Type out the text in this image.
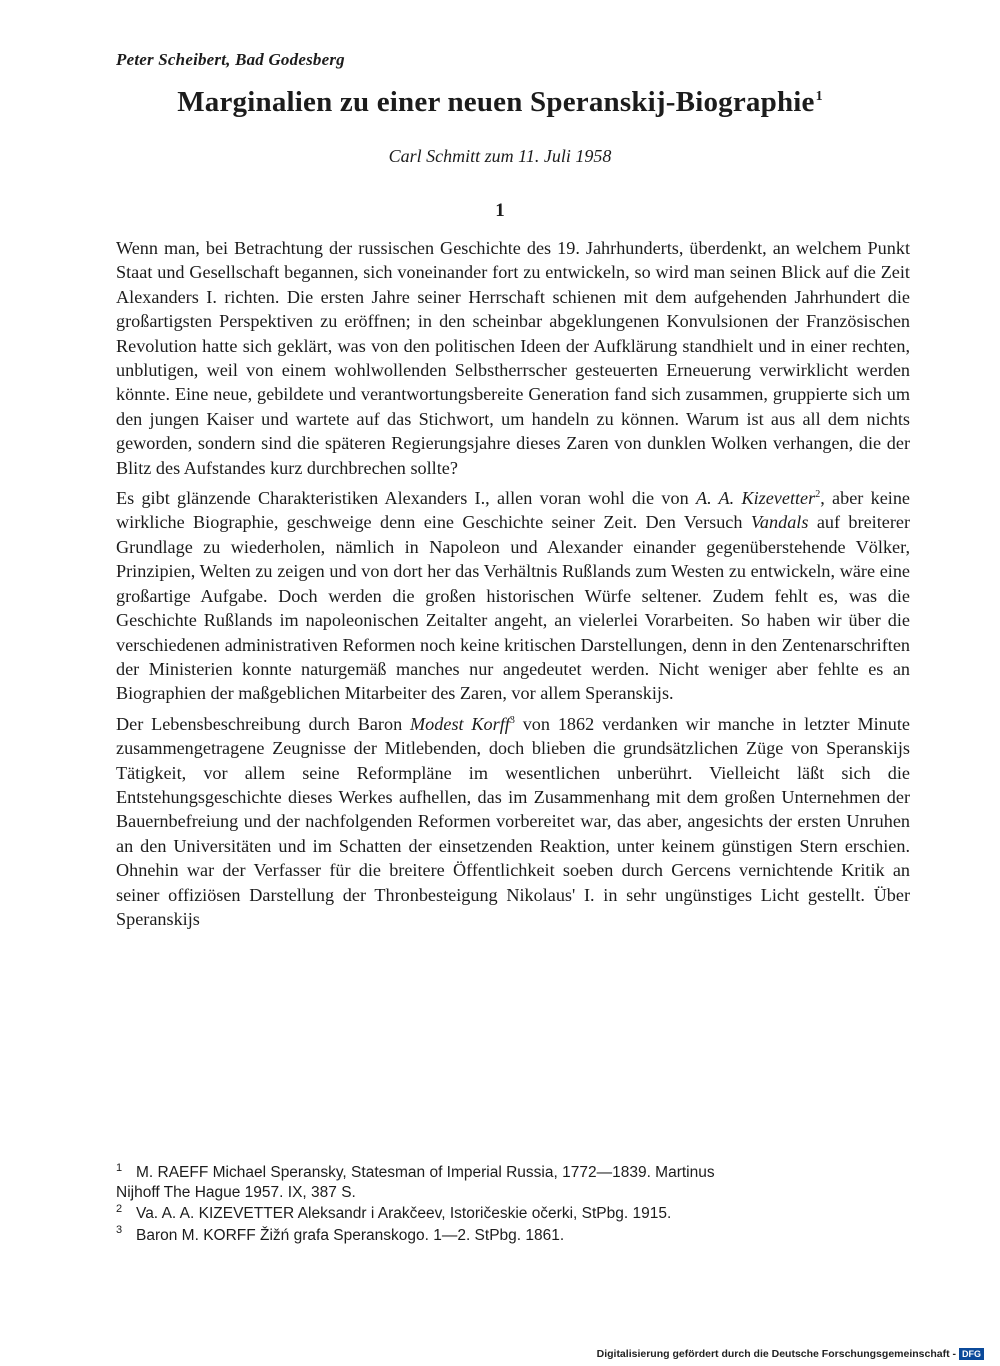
Peter Scheibert, Bad Godesberg
Marginalien zu einer neuen Speranskij-Biographie$^1$
Carl Schmitt zum 11. Juli 1958
1

Wenn man, bei Betrachtung der russischen Geschichte des 19. Jahrhunderts, überdenkt, an welchem Punkt Staat und Gesellschaft begannen, sich voneinander fort zu entwickeln, so wird man seinen Blick auf die Zeit Alexanders I. richten. Die ersten Jahre seiner Herrschaft schienen mit dem aufgehenden Jahrhundert die großartigsten Perspektiven zu eröffnen; in den scheinbar abgeklungenen Konvulsionen der Französischen Revolution hatte sich geklärt, was von den politischen Ideen der Aufklärung standhielt und in einer rechten, unblutigen, weil von einem wohlwollenden Selbstherrscher gesteuerten Erneuerung verwirklicht werden könnte. Eine neue, gebildete und verantwortungsbereite Generation fand sich zusammen, gruppierte sich um den jungen Kaiser und wartete auf das Stichwort, um handeln zu können. Warum ist aus all dem nichts geworden, sondern sind die späteren Regierungsjahre dieses Zaren von dunklen Wolken verhangen, die der Blitz des Aufstandes kurz durchbrechen sollte?

Es gibt glänzende Charakteristiken Alexanders I., allen voran wohl die von A. A. Kizevetter$^2$, aber keine wirkliche Biographie, geschweige denn eine Geschichte seiner Zeit. Den Versuch Vandals auf breiterer Grundlage zu wiederholen, nämlich in Napoleon und Alexander einander gegenüberstehende Völker, Prinzipien, Welten zu zeigen und von dort her das Verhältnis Rußlands zum Westen zu entwickeln, wäre eine großartige Aufgabe. Doch werden die großen historischen Würfe seltener. Zudem fehlt es, was die Geschichte Rußlands im napoleonischen Zeitalter angeht, an vielerlei Vorarbeiten. So haben wir über die verschiedenen administrativen Reformen noch keine kritischen Darstellungen, denn in den Zentenarschriften der Ministerien konnte naturgemäß manches nur angedeutet werden. Nicht weniger aber fehlte es an Biographien der maßgeblichen Mitarbeiter des Zaren, vor allem Speranskijs.

Der Lebensbeschreibung durch Baron Modest Korff$^3$ von 1862 verdanken wir manche in letzter Minute zusammengetragene Zeugnisse der Mitlebenden, doch blieben die grundsätzlichen Züge von Speranskijs Tätigkeit, vor allem seine Reformpläne im wesentlichen unberührt. Vielleicht läßt sich die Entstehungsgeschichte dieses Werkes aufhellen, das im Zusammenhang mit dem großen Unternehmen der Bauernbefreiung und der nachfolgenden Reformen vorbereitet war, das aber, angesichts der ersten Unruhen an den Universitäten und im Schatten der einsetzenden Reaktion, unter keinem günstigen Stern erschien. Ohnehin war der Verfasser für die breitere Öffentlichkeit soeben durch Gercens vernichtende Kritik an seiner offiziösen Darstellung der Thronbesteigung Nikolaus' I. in sehr ungünstiges Licht gestellt. Über Speranskijs

1 M. RAEFF Michael Speransky, Statesman of Imperial Russia, 1772—1839. Martinus
Nijhoff The Hague 1957. IX, 387 S.

2 Va. A. A. KIZEVETTER Aleksandr i Arakčeev, Istoričeskie očerki, StPbg. 1915.

3 Baron M. KORFF Žižń grafa Speranskogo. 1—2. StPbg. 1861.

Digitalisierung gefördert durch die Deutsche Forschungsgemeinschaft - DFG
